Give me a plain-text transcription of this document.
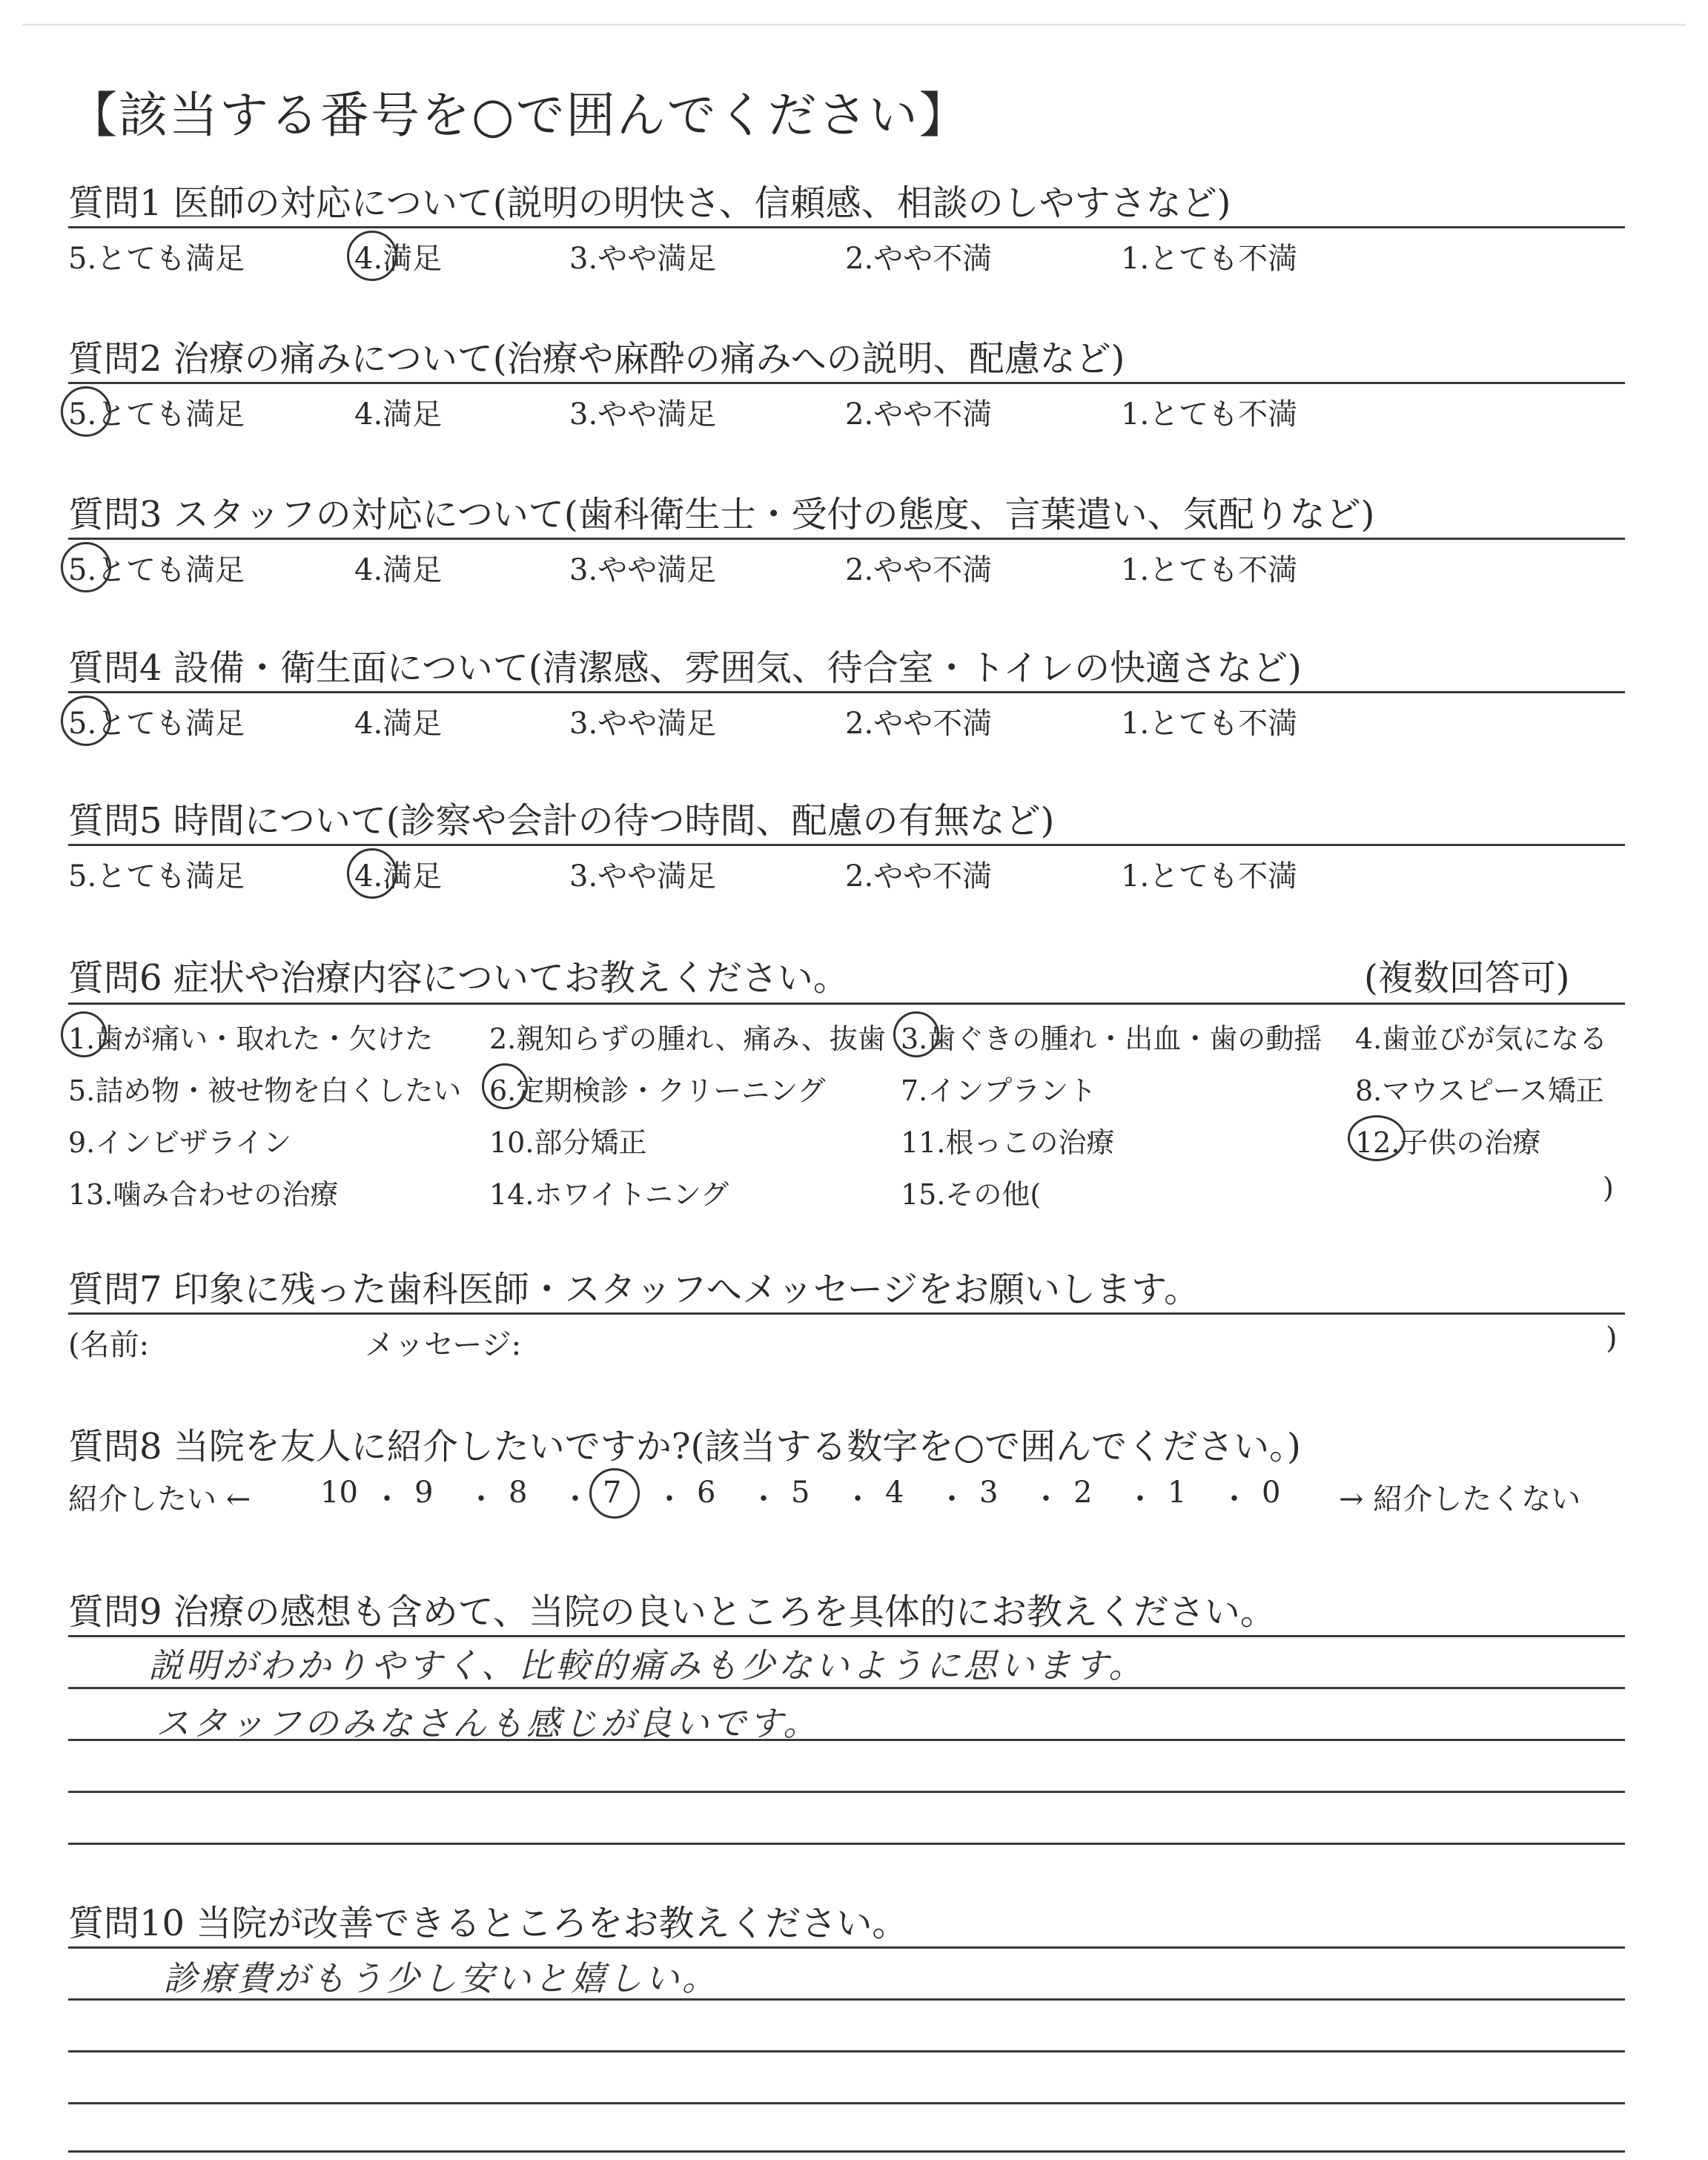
【該当する番号を○で囲んでください】
質問1 医師の対応について(説明の明快さ、信頼感、相談のしやすさなど)
5.とても満足	4.満足	3.やや満足	2.やや不満	1.とても不満
質問2 治療の痛みについて(治療や麻酔の痛みへの説明、配慮など)
5.とても満足	4.満足	3.やや満足	2.やや不満	1.とても不満
質問3 スタッフの対応について(歯科衛生士・受付の態度、言葉遣い、気配りなど)
5.とても満足	4.満足	3.やや満足	2.やや不満	1.とても不満
質問4 設備・衛生面について(清潔感、雰囲気、待合室・トイレの快適さなど)
5.とても満足	4.満足	3.やや満足	2.やや不満	1.とても不満
質問5 時間について(診察や会計の待つ時間、配慮の有無など)
5.とても満足	4.満足	3.やや満足	2.やや不満	1.とても不満
質問6 症状や治療内容についてお教えください。	(複数回答可)
1.歯が痛い・取れた・欠けた 2.親知らずの腫れ、痛み、抜歯 3.歯ぐきの腫れ・出血・歯の動揺 4.歯並びが気になる
5.詰め物・被せ物を白くしたい 6.定期検診・クリーニング	7.インプラント	8.マウスピース矯正
9.インビザライン	10.部分矯正	11.根っこの治療	12.子供の治療
13.噛み合わせの治療	14.ホワイトニング	15.その他(	)
質問7 印象に残った歯科医師・スタッフへメッセージをお願いします。
(名前:	メッセージ:	)
質問8 当院を友人に紹介したいですか?(該当する数字を○で囲んでください。)
紹介したい ← 10 ・ 9 ・ 8 ・ 7 ・ 6 ・ 5 ・ 4 ・ 3 ・ 2 ・ 1 ・ 0 → 紹介したくない
質問9 治療の感想も含めて、当院の良いところを具体的にお教えください。
説明がわかりやすく、比較的痛みも少ないように思います。
スタッフのみなさんも感じが良いです。
質問10 当院が改善できるところをお教えください。
診療費がもう少し安いと嬉しい。
